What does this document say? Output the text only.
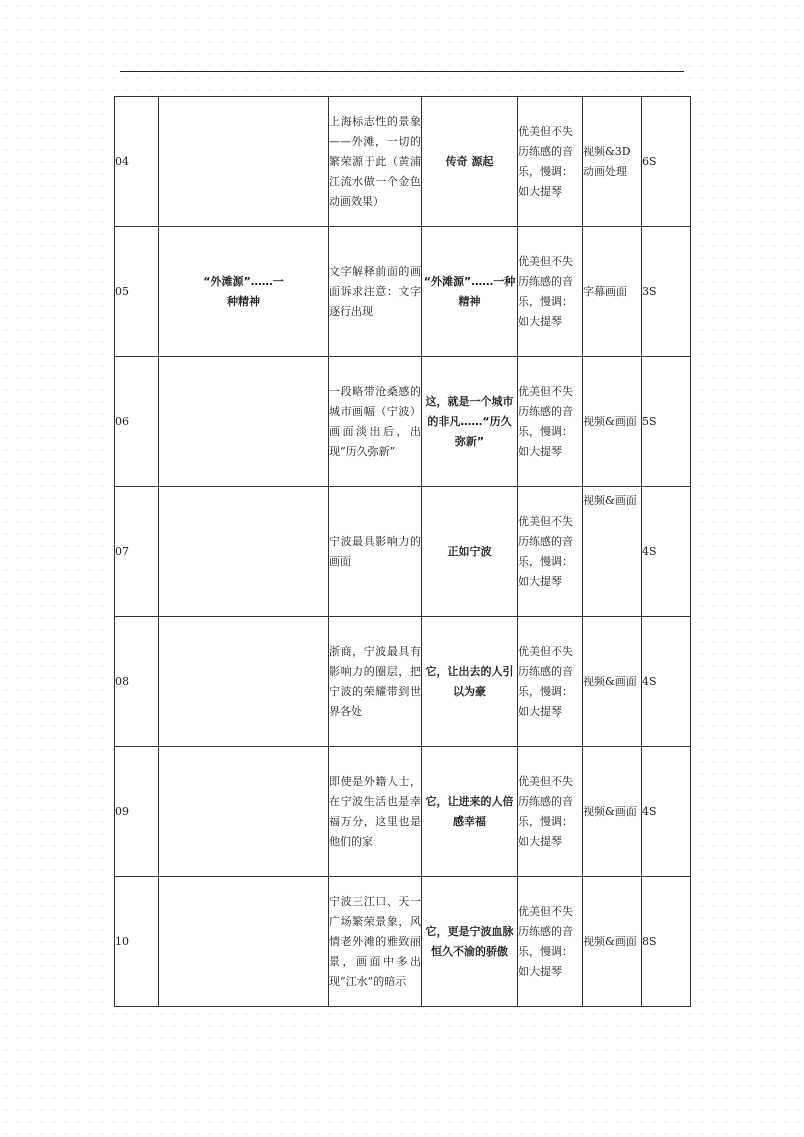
04		上海标志性的景象——外滩，一切的繁荣源于此（黄浦江流水做一个金色动画效果）	传奇 源起	优美但不失历练感的音乐，慢调：如大提琴	视频&3D动画处理	6S
05	“外滩源”……一种精神	文字解释前面的画面诉求注意：文字逐行出现	“外滩源”……一种精神	优美但不失历练感的音乐，慢调：如大提琴	字幕画面	3S
06		一段略带沧桑感的城市画幅（宁波）画面淡出后，出现“历久弥新”	这，就是一个城市的非凡……“历久弥新”	优美但不失历练感的音乐，慢调：如大提琴	视频&画面	5S
07		宁波最具影响力的画面	正如宁波	优美但不失历练感的音乐，慢调：如大提琴	视频&画面	4S
08		浙商，宁波最具有影响力的圈层，把宁波的荣耀带到世界各处	它，让出去的人引以为豪	优美但不失历练感的音乐，慢调：如大提琴	视频&画面	4S
09		即使是外籍人士，在宁波生活也是幸福万分，这里也是他们的家	它，让进来的人倍感幸福	优美但不失历练感的音乐，慢调：如大提琴	视频&画面	4S
10		宁波三江口、天一广场繁荣景象，风情老外滩的雅致丽景，画面中多出现“江水”的暗示	它，更是宁波血脉恒久不渝的骄傲	优美但不失历练感的音乐，慢调：如大提琴	视频&画面	8S
